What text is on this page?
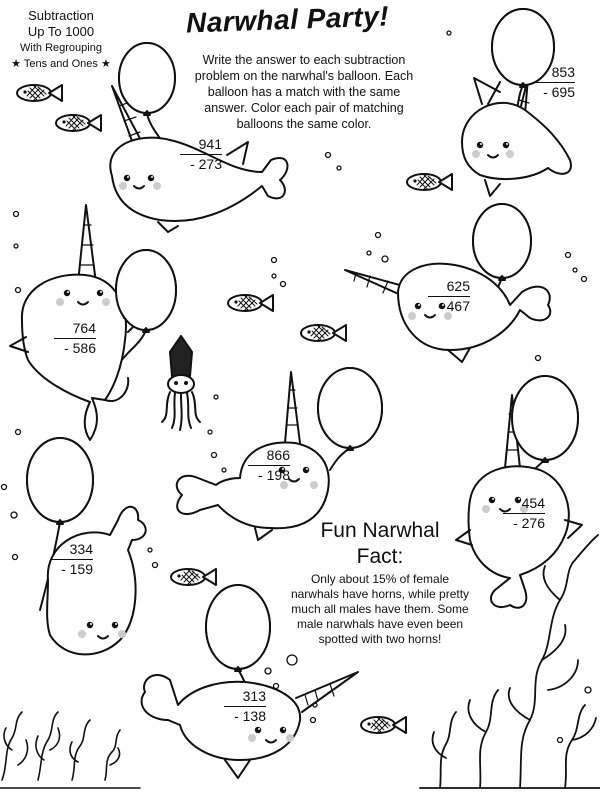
Narwhal Party!
Subtraction
Up To 1000
With Regrouping
★ Tens and Ones ★	Write the answer to each subtraction problem on the narwhal's balloon. Each balloon has a match with the same answer. Color each pair of matching balloons the same color.
941
- 273
853
- 695
764
- 586
625
- 467
866
- 198
454
- 276
334
- 159
313
- 138
Fun Narwhal
Fact:
Only about 15% of female narwhals have horns, while pretty much all males have them. Some male narwhals have even been spotted with two horns!
